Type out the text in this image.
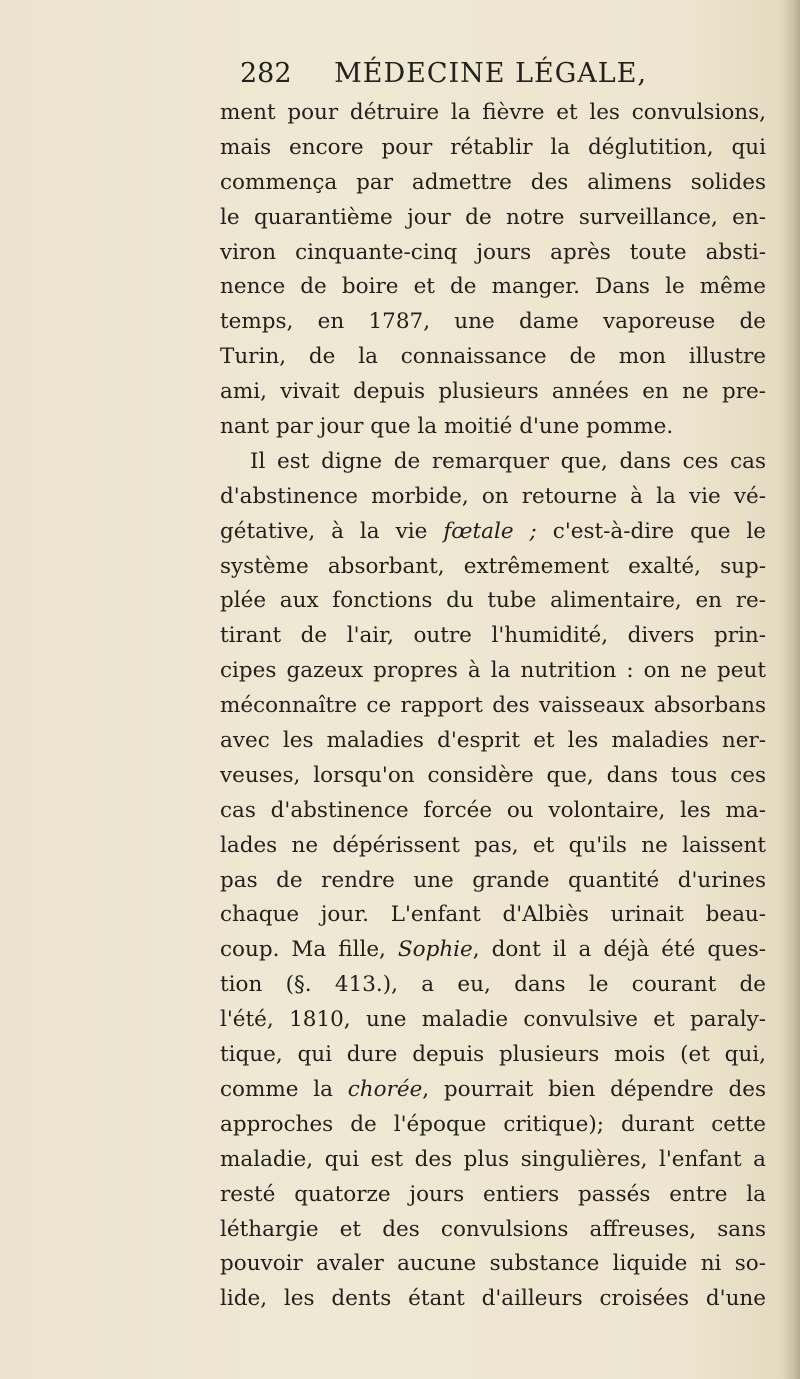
282 MÉDECINE LÉGALE,
ment pour détruire la fièvre et les convulsions,
mais encore pour rétablir la déglutition, qui
commença par admettre des alimens solides
le quarantième jour de notre surveillance, en-
viron cinquante-cinq jours après toute absti-
nence de boire et de manger. Dans le même
temps, en 1787, une dame vaporeuse de
Turin, de la connaissance de mon illustre
ami, vivait depuis plusieurs années en ne pre-
nant par jour que la moitié d'une pomme.
Il est digne de remarquer que, dans ces cas
d'abstinence morbide, on retourne à la vie vé-
gétative, à la vie fœtale ; c'est-à-dire que le
système absorbant, extrêmement exalté, sup-
plée aux fonctions du tube alimentaire, en re-
tirant de l'air, outre l'humidité, divers prin-
cipes gazeux propres à la nutrition : on ne peut
méconnaître ce rapport des vaisseaux absorbans
avec les maladies d'esprit et les maladies ner-
veuses, lorsqu'on considère que, dans tous ces
cas d'abstinence forcée ou volontaire, les ma-
lades ne dépérissent pas, et qu'ils ne laissent
pas de rendre une grande quantité d'urines
chaque jour. L'enfant d'Albiès urinait beau-
coup. Ma fille, Sophie, dont il a déjà été ques-
tion (§. 413.), a eu, dans le courant de
l'été, 1810, une maladie convulsive et paraly-
tique, qui dure depuis plusieurs mois (et qui,
comme la chorée, pourrait bien dépendre des
approches de l'époque critique); durant cette
maladie, qui est des plus singulières, l'enfant a
resté quatorze jours entiers passés entre la
léthargie et des convulsions affreuses, sans
pouvoir avaler aucune substance liquide ni so-
lide, les dents étant d'ailleurs croisées d'une
